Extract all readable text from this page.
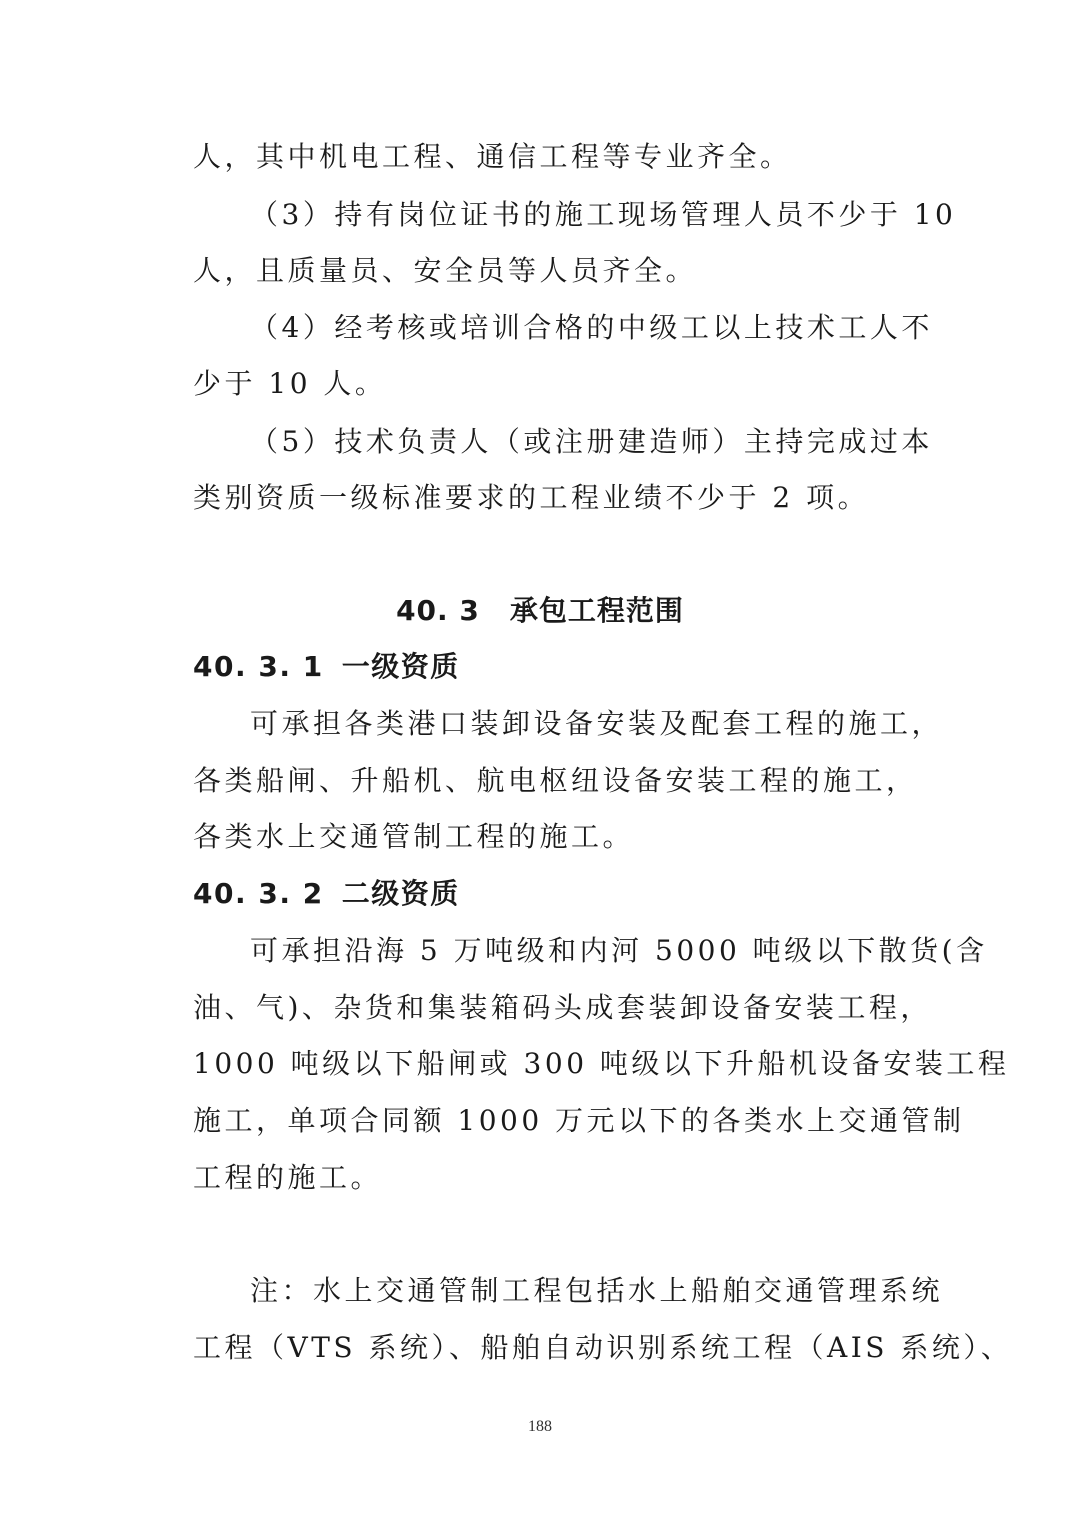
人，其中机电工程、通信工程等专业齐全。
（3）持有岗位证书的施工现场管理人员不少于 10
人，且质量员、安全员等人员齐全。
（4）经考核或培训合格的中级工以上技术工人不
少于 10 人。
（5）技术负责人（或注册建造师）主持完成过本
类别资质一级标准要求的工程业绩不少于 2 项。
40. 3 承包工程范围
40. 3. 1 一级资质
可承担各类港口装卸设备安装及配套工程的施工，
各类船闸、升船机、航电枢纽设备安装工程的施工，
各类水上交通管制工程的施工。
40. 3. 2 二级资质
可承担沿海 5 万吨级和内河 5000 吨级以下散货(含
油、气)、杂货和集装箱码头成套装卸设备安装工程，
1000 吨级以下船闸或 300 吨级以下升船机设备安装工程
施工，单项合同额 1000 万元以下的各类水上交通管制
工程的施工。
注：水上交通管制工程包括水上船舶交通管理系统
工程（VTS 系统）、船舶自动识别系统工程（AIS 系统）、
188
